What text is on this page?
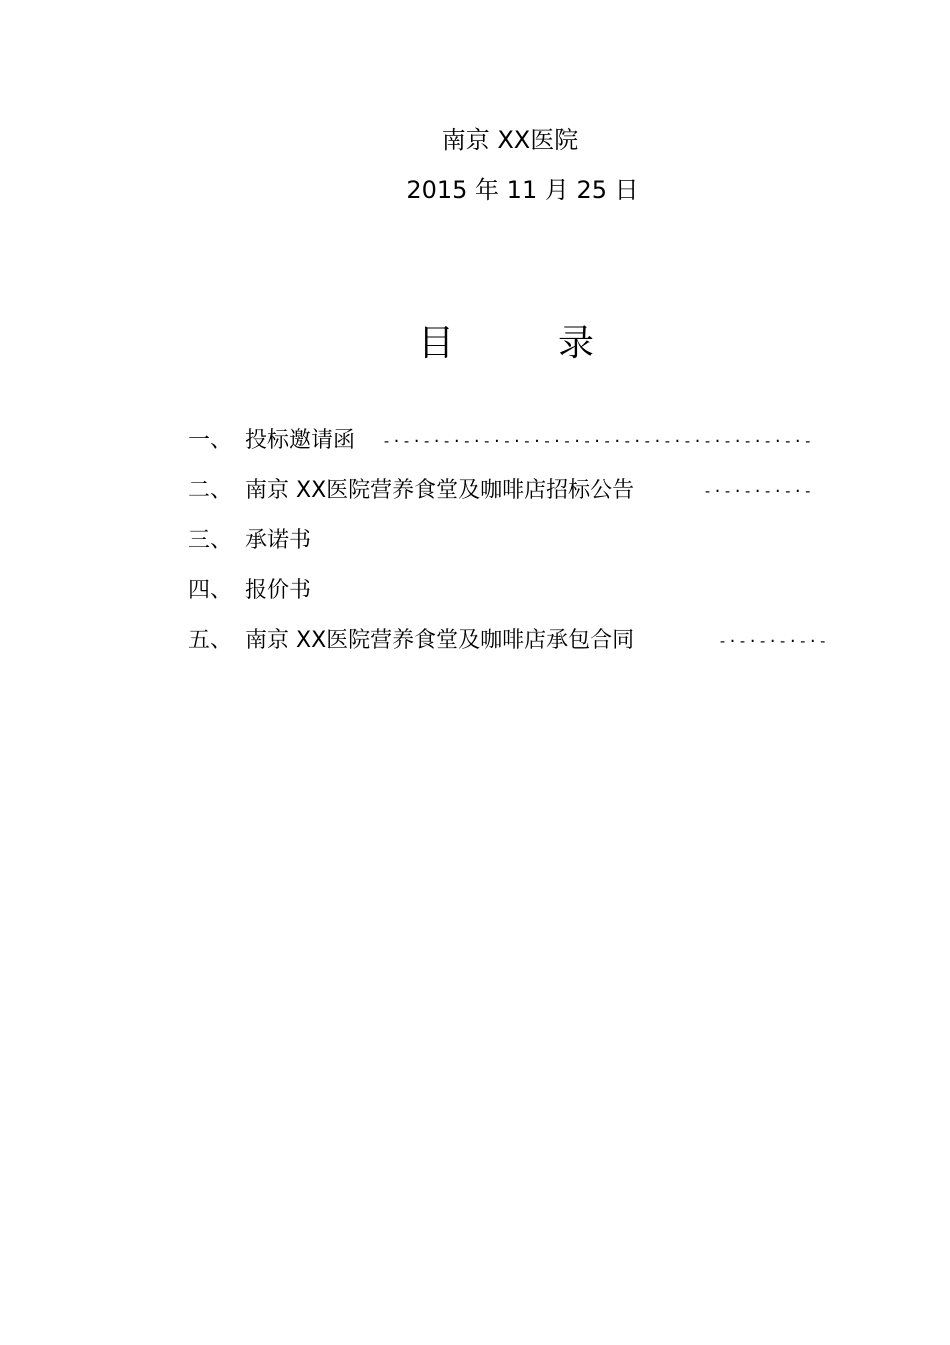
南京 XX医院
2015 年 11 月 25 日
目	录
一、 投标邀请函 -·-·-·-·-·-·-·-·-·-·-·-·-·-·-·-·-·-·-·-·-·-
二、 南京 XX医院营养食堂及咖啡店招标公告	-·-·-·-·-·-
三、 承诺书
四、 报价书
五、 南京 XX医院营养食堂及咖啡店承包合同	-·-·-·-·-·-
